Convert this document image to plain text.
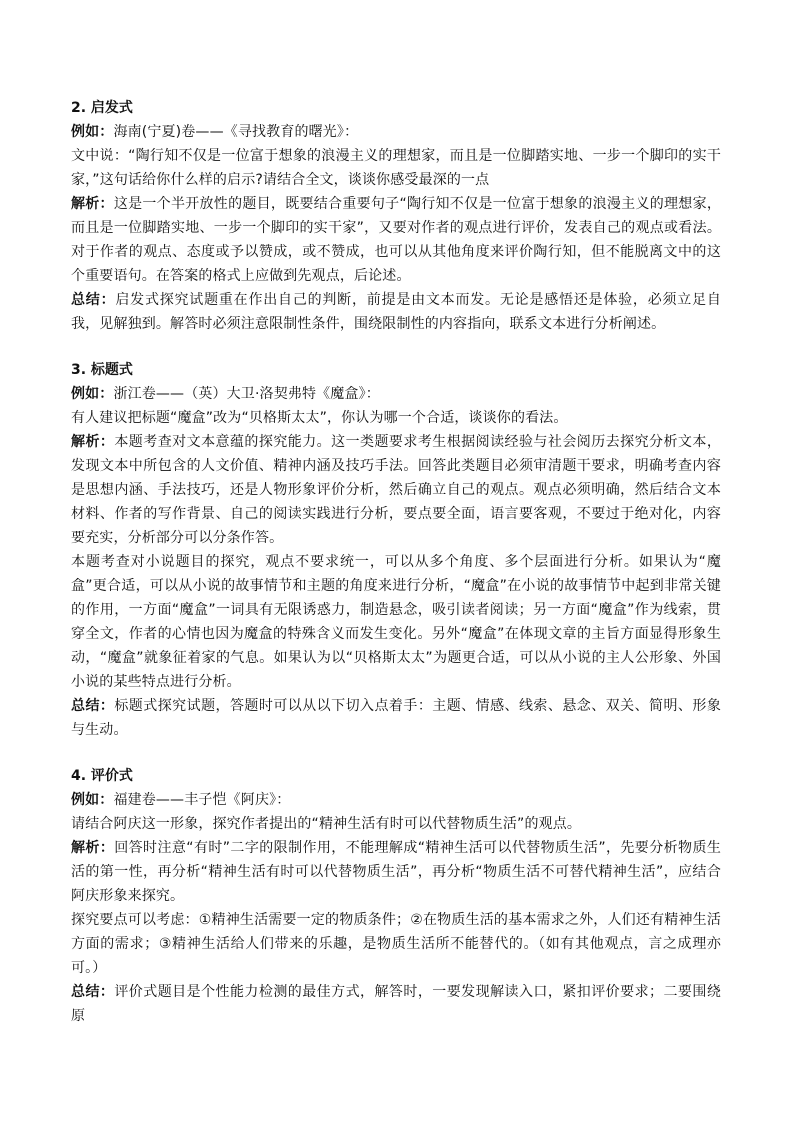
2. 启发式

例如：海南(宁夏)卷——《寻找教育的曙光》：

文中说：“陶行知不仅是一位富于想象的浪漫主义的理想家，而且是一位脚踏实地、一步一个脚印的实干家，”这句话给你什么样的启示?请结合全文，谈谈你感受最深的一点

解析：这是一个半开放性的题目，既要结合重要句子“陶行知不仅是一位富于想象的浪漫主义的理想家，而且是一位脚踏实地、一步一个脚印的实干家”，又要对作者的观点进行评价，发表自己的观点或看法。对于作者的观点、态度或予以赞成，或不赞成，也可以从其他角度来评价陶行知，但不能脱离文中的这个重要语句。在答案的格式上应做到先观点，后论述。

总结：启发式探究试题重在作出自己的判断，前提是由文本而发。无论是感悟还是体验，必须立足自我，见解独到。解答时必须注意限制性条件，围绕限制性的内容指向，联系文本进行分析阐述。

3. 标题式

例如：浙江卷——（英）大卫·洛契弗特《魔盒》：

有人建议把标题“魔盒”改为“贝格斯太太”，你认为哪一个合适，谈谈你的看法。

解析：本题考查对文本意蕴的探究能力。这一类题要求考生根据阅读经验与社会阅历去探究分析文本，发现文本中所包含的人文价值、精神内涵及技巧手法。回答此类题目必须审清题干要求，明确考查内容是思想内涵、手法技巧，还是人物形象评价分析，然后确立自己的观点。观点必须明确，然后结合文本材料、作者的写作背景、自己的阅读实践进行分析，要点要全面，语言要客观，不要过于绝对化，内容要充实，分析部分可以分条作答。

本题考查对小说题目的探究，观点不要求统一，可以从多个角度、多个层面进行分析。如果认为“魔盒”更合适，可以从小说的故事情节和主题的角度来进行分析，“魔盒”在小说的故事情节中起到非常关键的作用，一方面“魔盒”一词具有无限诱惑力，制造悬念，吸引读者阅读；另一方面“魔盒”作为线索，贯穿全文，作者的心情也因为魔盒的特殊含义而发生变化。另外“魔盒”在体现文章的主旨方面显得形象生动，“魔盒”就象征着家的气息。如果认为以“贝格斯太太”为题更合适，可以从小说的主人公形象、外国小说的某些特点进行分析。

总结：标题式探究试题，答题时可以从以下切入点着手：主题、情感、线索、悬念、双关、简明、形象与生动。

4. 评价式

例如：福建卷——丰子恺《阿庆》：

请结合阿庆这一形象，探究作者提出的“精神生活有时可以代替物质生活”的观点。

解析：回答时注意“有时”二字的限制作用，不能理解成“精神生活可以代替物质生活”，先要分析物质生活的第一性，再分析“精神生活有时可以代替物质生活”，再分析“物质生活不可替代精神生活”，应结合阿庆形象来探究。

探究要点可以考虑：①精神生活需要一定的物质条件；②在物质生活的基本需求之外，人们还有精神生活方面的需求；③精神生活给人们带来的乐趣，是物质生活所不能替代的。（如有其他观点，言之成理亦可。）

总结：评价式题目是个性能力检测的最佳方式，解答时，一要发现解读入口，紧扣评价要求；二要围绕原
